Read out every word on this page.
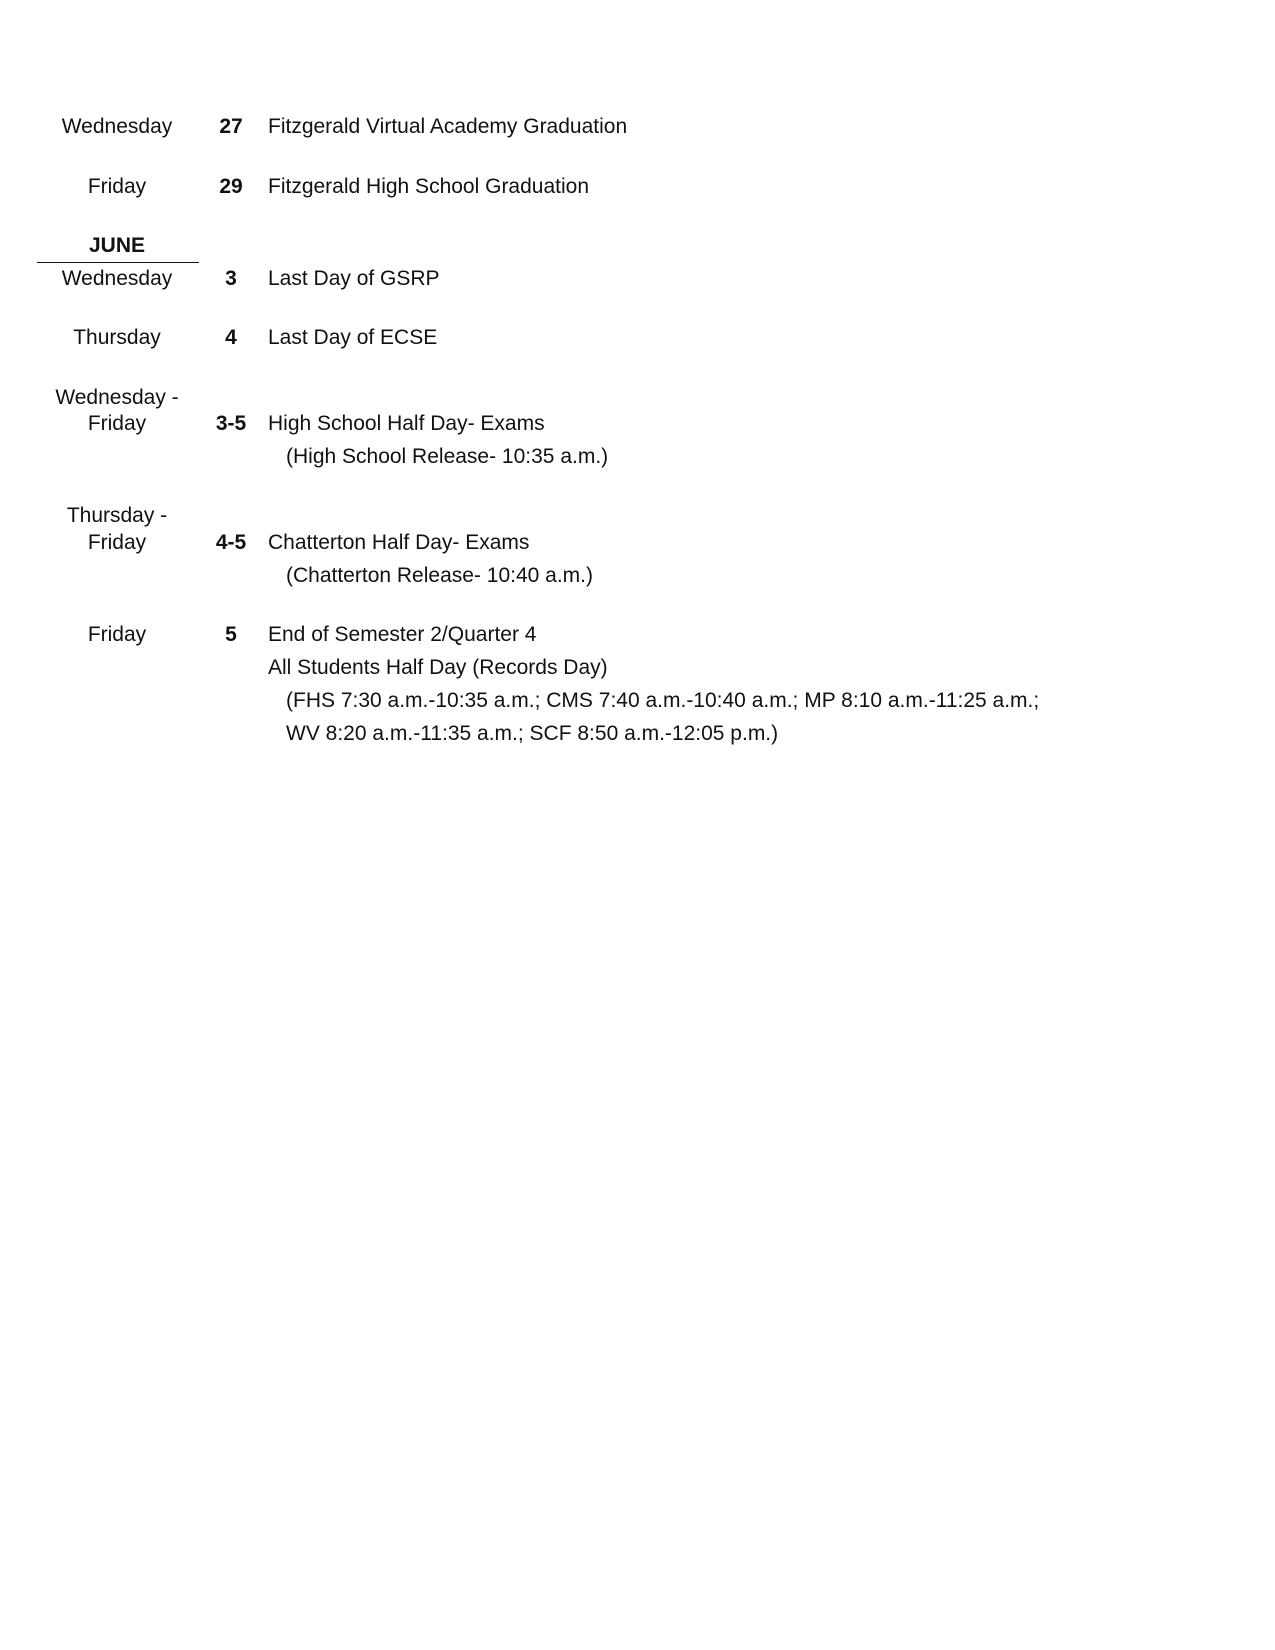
Wednesday	27	Fitzgerald Virtual Academy Graduation
Friday	29	Fitzgerald High School Graduation
JUNE
Wednesday	3	Last Day of GSRP
Thursday	4	Last Day of ECSE
Wednesday -
Friday	3-5	High School Half Day- Exams
(High School Release- 10:35 a.m.)
Thursday -
Friday	4-5	Chatterton Half Day- Exams
(Chatterton Release- 10:40 a.m.)
Friday	5	End of Semester 2/Quarter 4
All Students Half Day (Records Day)
(FHS 7:30 a.m.-10:35 a.m.; CMS 7:40 a.m.-10:40 a.m.; MP 8:10 a.m.-11:25 a.m.;
WV 8:20 a.m.-11:35 a.m.; SCF 8:50 a.m.-12:05 p.m.)
